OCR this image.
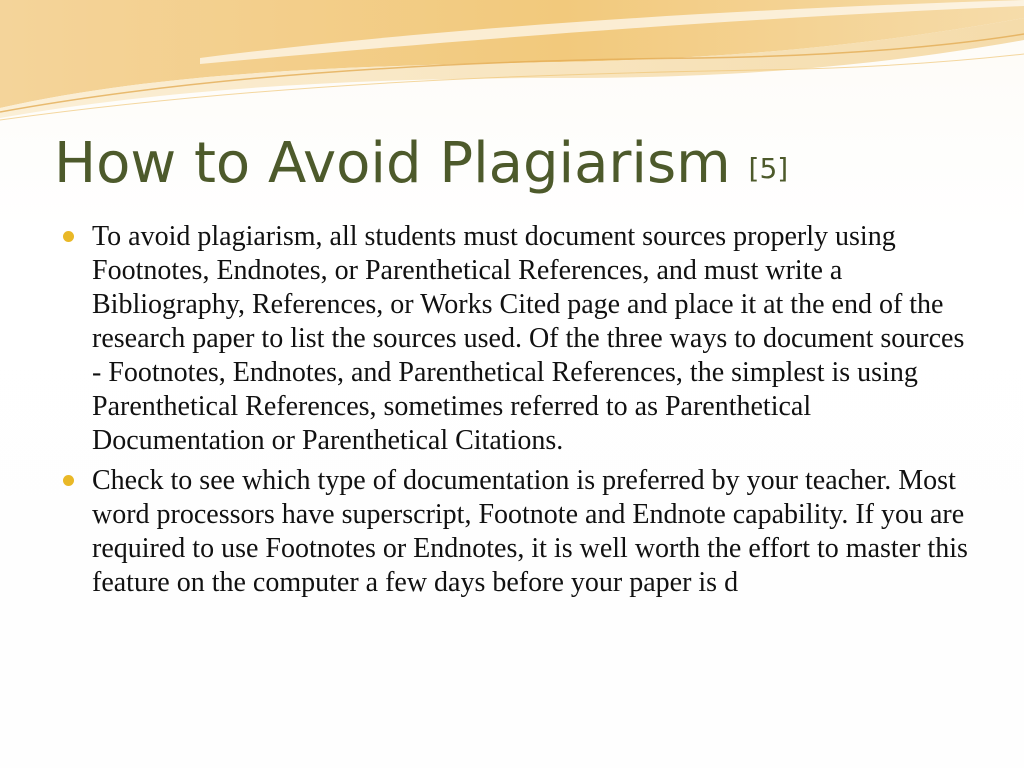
How to Avoid Plagiarism [5]
To avoid plagiarism, all students must document sources properly using Footnotes, Endnotes, or Parenthetical References, and must write a Bibliography, References, or Works Cited page and place it at the end of the research paper to list the sources used. Of the three ways to document sources - Footnotes, Endnotes, and Parenthetical References, the simplest is using Parenthetical References, sometimes referred to as Parenthetical Documentation or Parenthetical Citations.
Check to see which type of documentation is preferred by your teacher. Most word processors have superscript, Footnote and Endnote capability. If you are required to use Footnotes or Endnotes, it is well worth the effort to master this feature on the computer a few days before your paper is d
